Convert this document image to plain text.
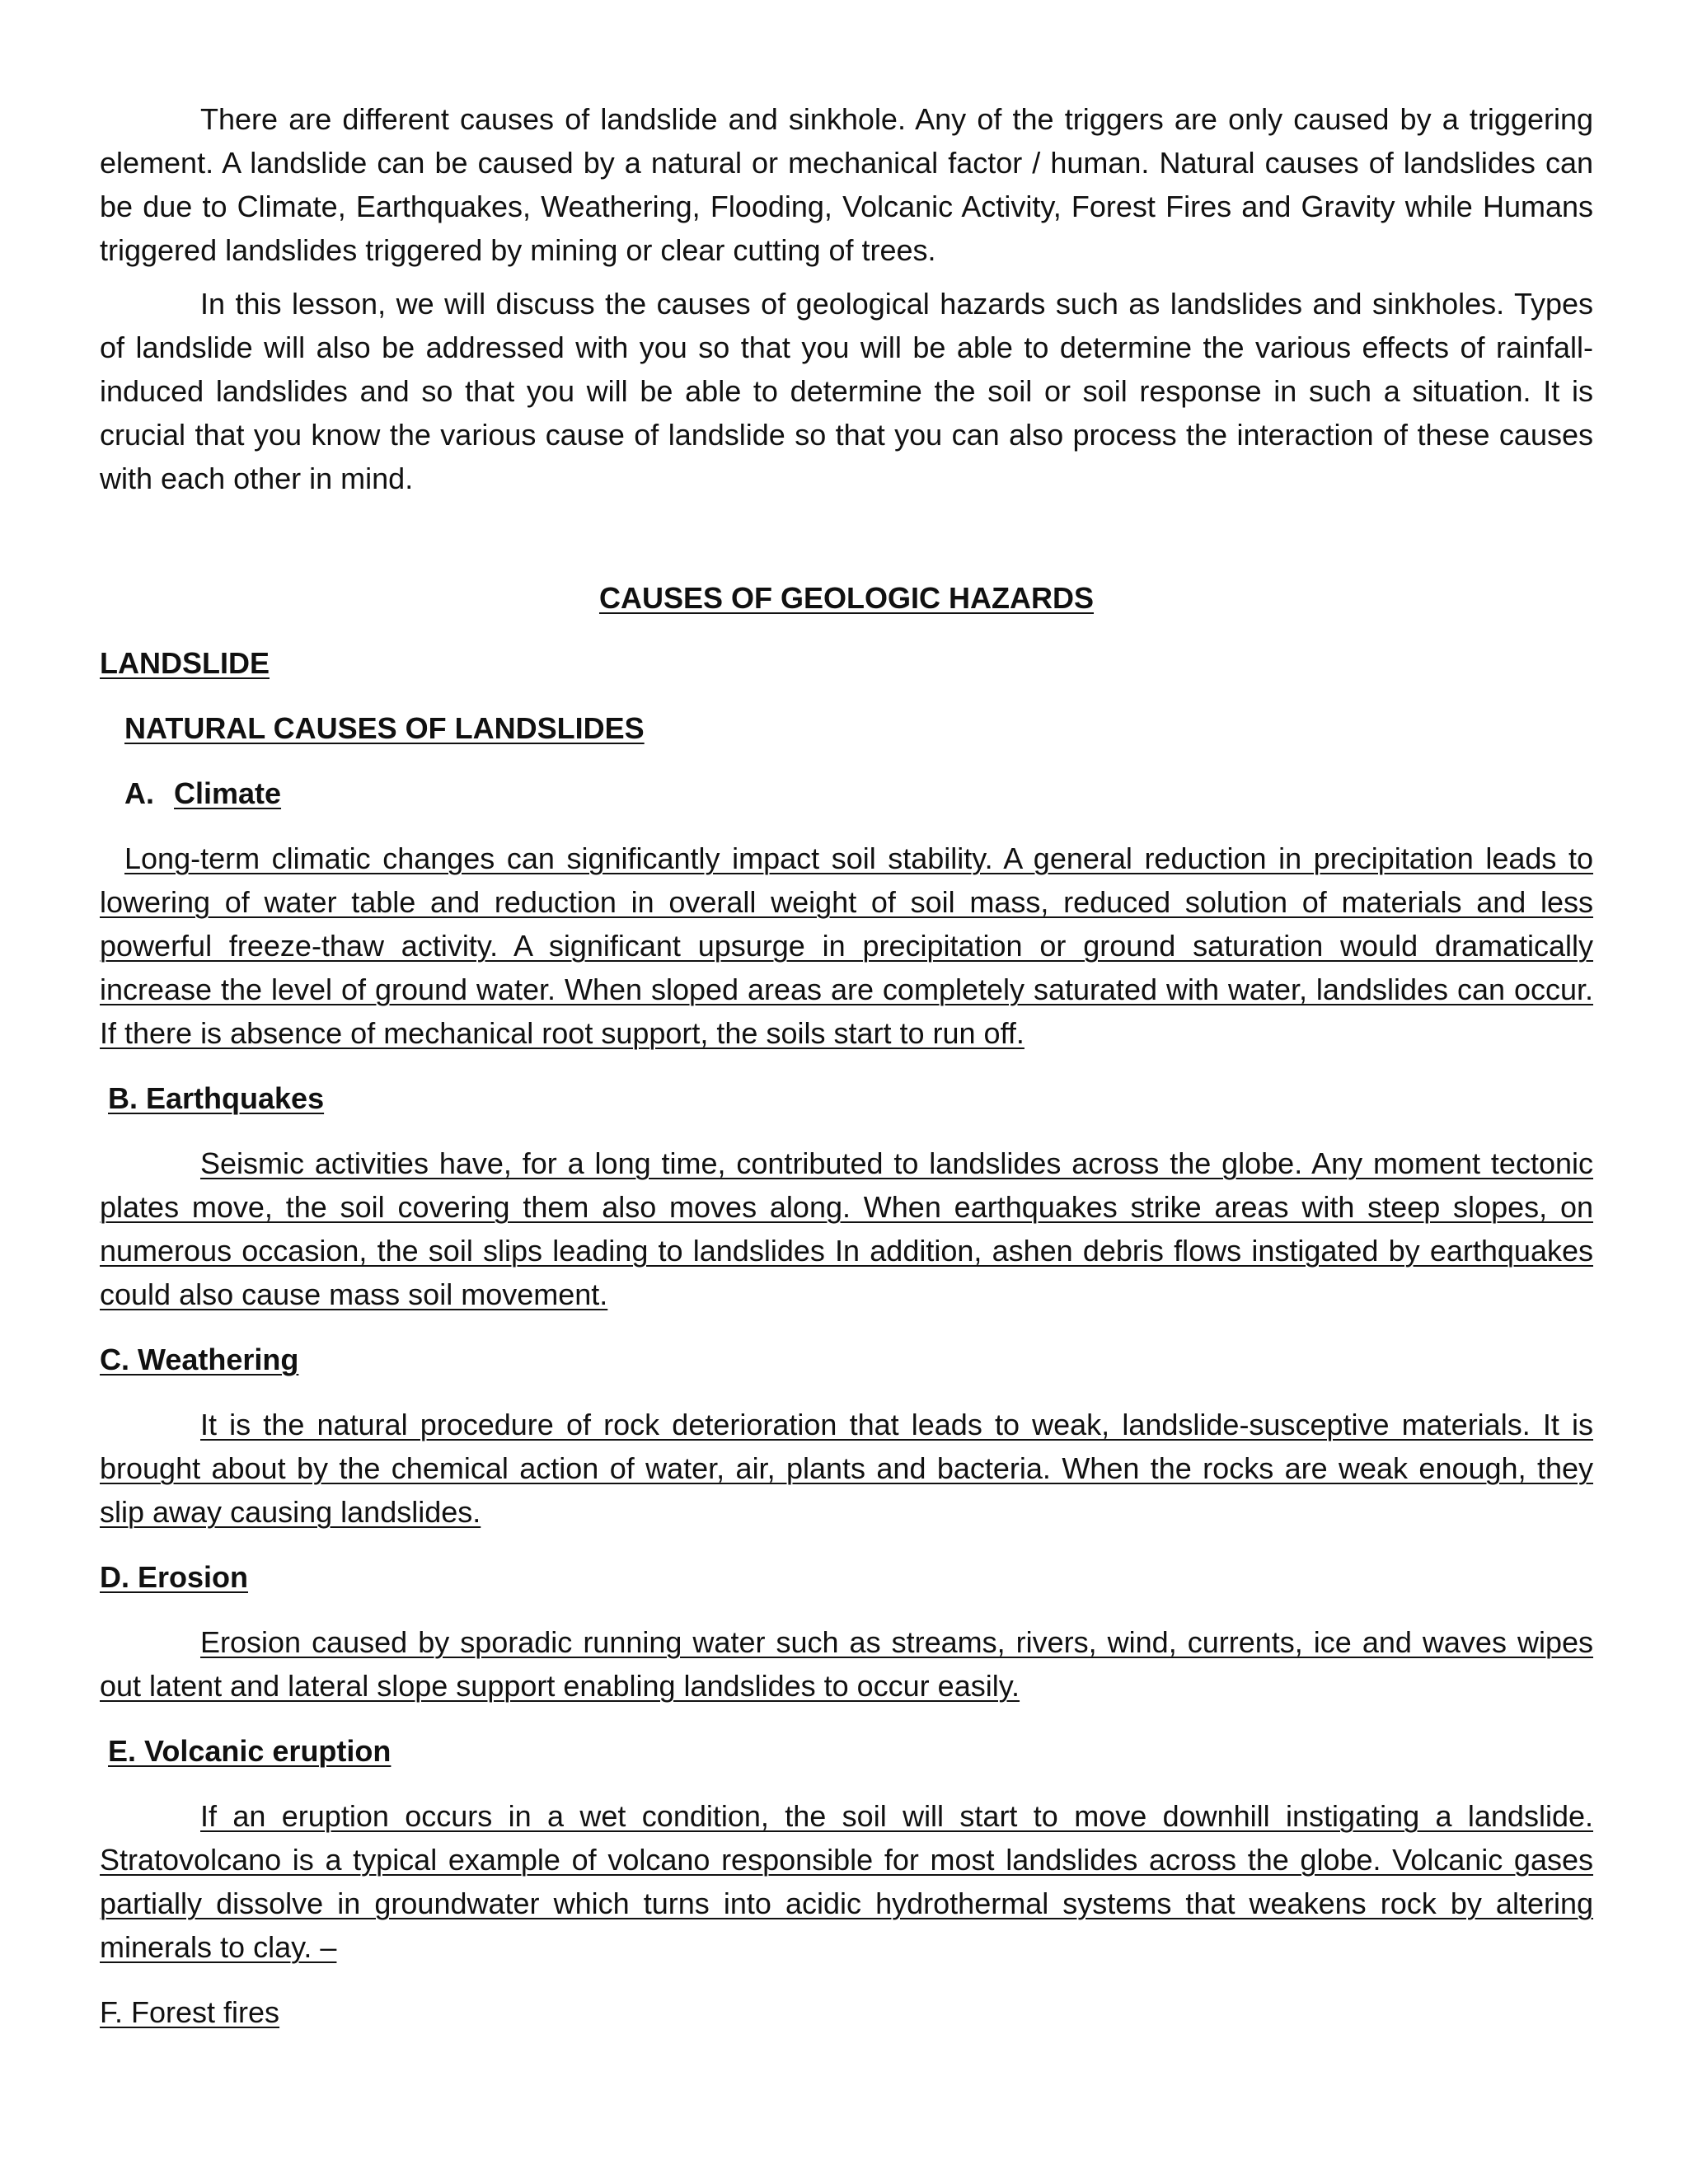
There are different causes of landslide and sinkhole. Any of the triggers are only caused by a triggering element. A landslide can be caused by a natural or mechanical factor / human. Natural causes of landslides can be due to Climate, Earthquakes, Weathering, Flooding, Volcanic Activity, Forest Fires and Gravity while Humans triggered landslides triggered by mining or clear cutting of trees.

In this lesson, we will discuss the causes of geological hazards such as landslides and sinkholes. Types of landslide will also be addressed with you so that you will be able to determine the various effects of rainfall-induced landslides and so that you will be able to determine the soil or soil response in such a situation. It is crucial that you know the various cause of landslide so that you can also process the interaction of these causes with each other in mind.

CAUSES OF GEOLOGIC HAZARDS

LANDSLIDE

NATURAL CAUSES OF LANDSLIDES

A. Climate

Long-term climatic changes can significantly impact soil stability. A general reduction in precipitation leads to lowering of water table and reduction in overall weight of soil mass, reduced solution of materials and less powerful freeze-thaw activity. A significant upsurge in precipitation or ground saturation would dramatically increase the level of ground water. When sloped areas are completely saturated with water, landslides can occur. If there is absence of mechanical root support, the soils start to run off.

B. Earthquakes

Seismic activities have, for a long time, contributed to landslides across the globe. Any moment tectonic plates move, the soil covering them also moves along. When earthquakes strike areas with steep slopes, on numerous occasion, the soil slips leading to landslides In addition, ashen debris flows instigated by earthquakes could also cause mass soil movement.

C. Weathering

It is the natural procedure of rock deterioration that leads to weak, landslide-susceptive materials. It is brought about by the chemical action of water, air, plants and bacteria. When the rocks are weak enough, they slip away causing landslides.

D. Erosion

Erosion caused by sporadic running water such as streams, rivers, wind, currents, ice and waves wipes out latent and lateral slope support enabling landslides to occur easily.

E. Volcanic eruption

If an eruption occurs in a wet condition, the soil will start to move downhill instigating a landslide. Stratovolcano is a typical example of volcano responsible for most landslides across the globe. Volcanic gases partially dissolve in groundwater which turns into acidic hydrothermal systems that weakens rock by altering minerals to clay. –

F. Forest fires
